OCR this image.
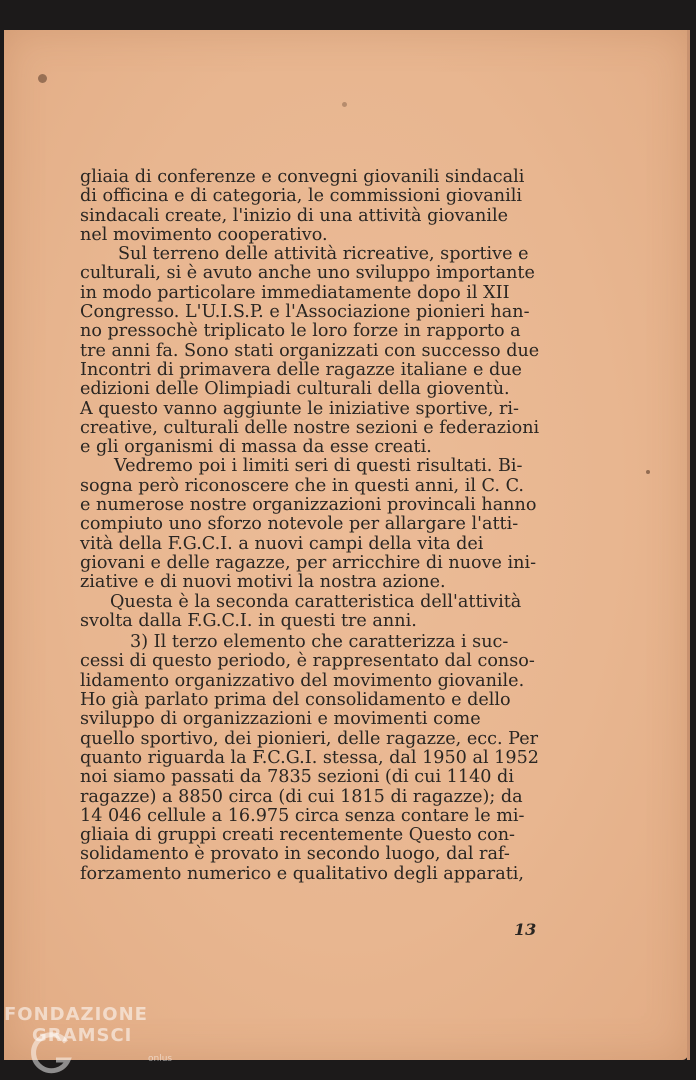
gliaia di conferenze e convegni giovanili sindacali
di officina e di categoria, le commissioni giovanili
sindacali create, l'inizio di una attività giovanile
nel movimento cooperativo.

Sul terreno delle attività ricreative, sportive e
culturali, si è avuto anche uno sviluppo importante
in modo particolare immediatamente dopo il XII
Congresso. L'U.I.S.P. e l'Associazione pionieri han-
no pressochè triplicato le loro forze in rapporto a
tre anni fa. Sono stati organizzati con successo due
Incontri di primavera delle ragazze italiane e due
edizioni delle Olimpiadi culturali della gioventù.
A questo vanno aggiunte le iniziative sportive, ri-
creative, culturali delle nostre sezioni e federazioni
e gli organismi di massa da esse creati.

Vedremo poi i limiti seri di questi risultati. Bi-
sogna però riconoscere che in questi anni, il C. C.
e numerose nostre organizzazioni provincali hanno
compiuto uno sforzo notevole per allargare l'atti-
vità della F.G.C.I. a nuovi campi della vita dei
giovani e delle ragazze, per arricchire di nuove ini-
ziative e di nuovi motivi la nostra azione.

Questa è la seconda caratteristica dell'attività
svolta dalla F.G.C.I. in questi tre anni.

3) Il terzo elemento che caratterizza i suc-
cessi di questo periodo, è rappresentato dal conso-
lidamento organizzativo del movimento giovanile.
Ho già parlato prima del consolidamento e dello
sviluppo di organizzazioni e movimenti come
quello sportivo, dei pionieri, delle ragazze, ecc. Per
quanto riguarda la F.C.G.I. stessa, dal 1950 al 1952
noi siamo passati da 7835 sezioni (di cui 1140 di
ragazze) a 8850 circa (di cui 1815 di ragazze); da
14 046 cellule a 16.975 circa senza contare le mi-
gliaia di gruppi creati recentemente Questo con-
solidamento è provato in secondo luogo, dal raf-
forzamento numerico e qualitativo degli apparati,

13
FONDAZIONE
GRAMSCI
onlus
